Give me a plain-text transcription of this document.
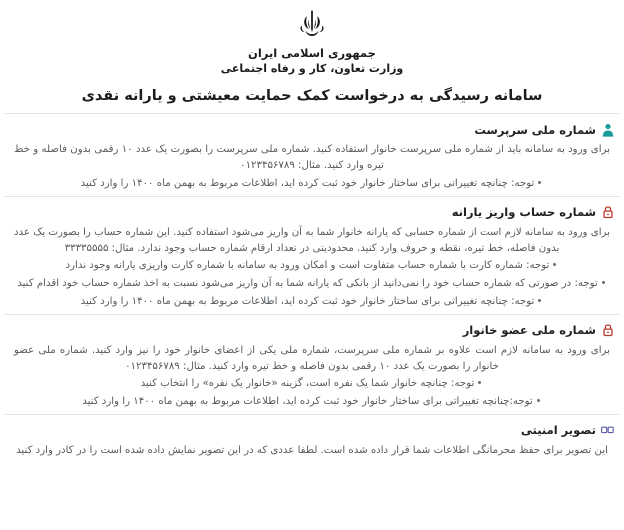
جمهوری اسلامی ایران
وزارت تعاون، کار و رفاه اجتماعی
سامانه رسیدگی به درخواست کمک حمایت معیشتی و یارانه نقدی
شماره ملی سرپرست

برای ورود به سامانه باید از شماره ملی سرپرست خانوار استفاده کنید. شماره ملی سرپرست را بصورت یک عدد ۱۰ رقمی بدون فاصله و خط تیره وارد کنید. مثال: ۰۱۲۳۴۵۶۷۸۹

توجه: چنانچه تغییراتی برای ساختار خانوار خود ثبت کرده اید، اطلاعات مربوط به بهمن ماه ۱۴۰۰ را وارد کنید
شماره حساب واریز یارانه

برای ورود به سامانه لازم است از شماره حسابی که یارانه خانوار شما به آن واریز می‌شود استفاده کنید. این شماره حساب را بصورت یک عدد بدون فاصله، خط تیره، نقطه و حروف وارد کنید. محدودیتی در تعداد ارقام شماره حساب وجود ندارد. مثال: ۳۳۳۳۵۵۵۵

توجه: شماره کارت با شماره حساب متفاوت است و امکان ورود به سامانه با شماره کارت واریزی یارانه وجود ندارد
توجه: در صورتی که شماره حساب خود را نمی‌دانید از بانکی که یارانه شما به آن واریز می‌شود نسبت به اخذ شماره حساب خود اقدام کنید
توجه: چنانچه تغییراتی برای ساختار خانوار خود ثبت کرده اید، اطلاعات مربوط به بهمن ماه ۱۴۰۰ را وارد کنید
شماره ملی عضو خانوار

برای ورود به سامانه لازم است علاوه بر شماره ملی سرپرست، شماره ملی یکی از اعضای خانوار خود را نیز وارد کنید. شماره ملی عضو خانوار را بصورت یک عدد ۱۰ رقمی بدون فاصله و خط تیره وارد کنید. مثال: ۰۱۲۳۴۵۶۷۸۹

توجه: چنانچه خانوار شما یک نفره است، گزینه «خانوار یک نفره» را انتخاب کنید
توجه:چنانچه تغییراتی برای ساختار خانوار خود ثبت کرده اید، اطلاعات مربوط به بهمن ماه ۱۴۰۰ را وارد کنید
تصویر امنیتی

این تصویر برای حفظ محرمانگی اطلاعات شما قرار داده شده است. لطفا عددی که در این تصویر نمایش داده شده است را در کادر وارد کنید
